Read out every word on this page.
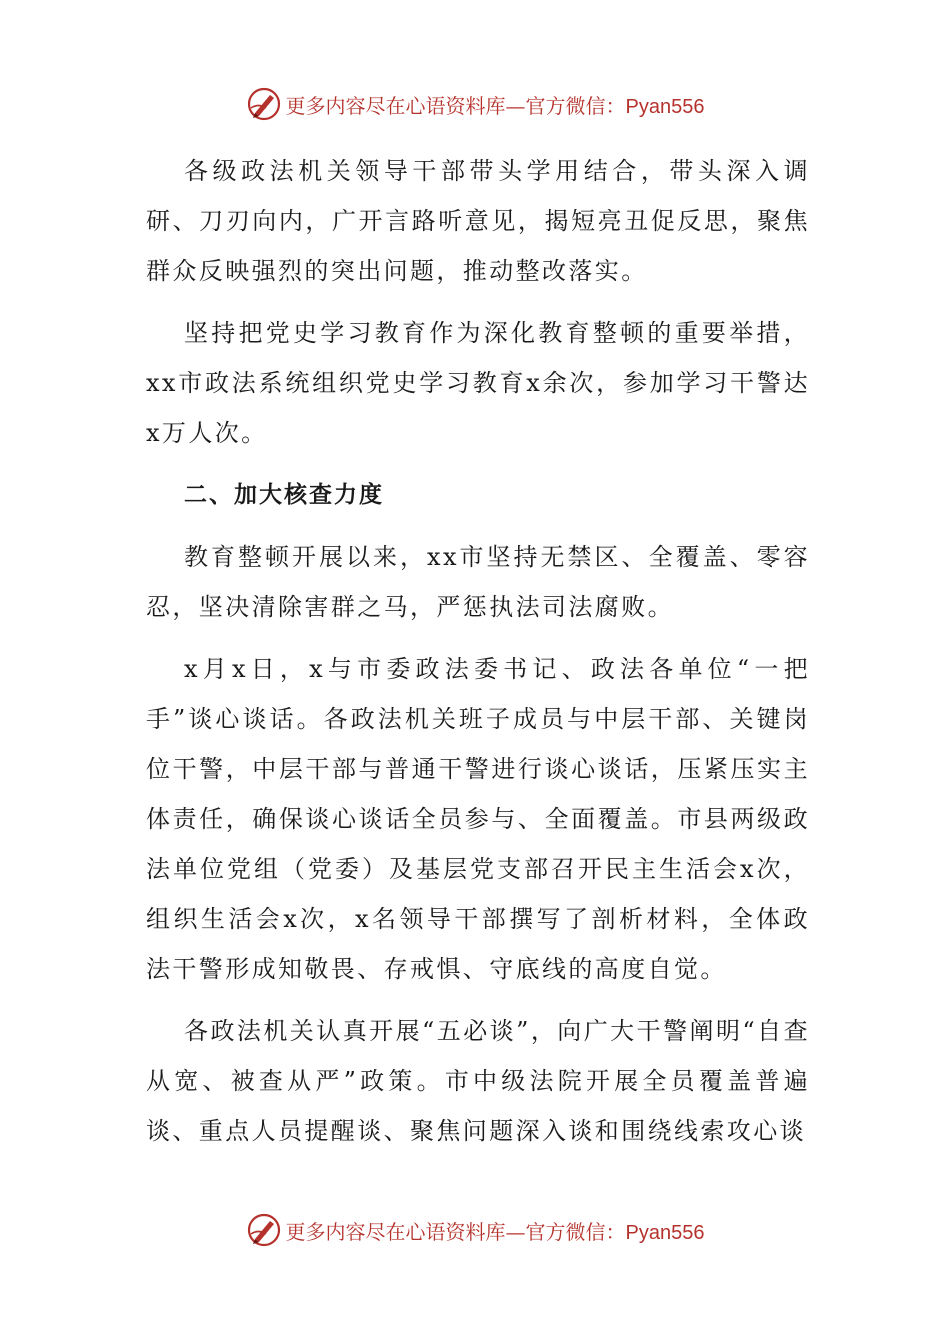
更多内容尽在心语资料库—官方微信：Pyan556

各级政法机关领导干部带头学用结合，带头深入调研、刀刃向内，广开言路听意见，揭短亮丑促反思，聚焦群众反映强烈的突出问题，推动整改落实。

坚持把党史学习教育作为深化教育整顿的重要举措，xx市政法系统组织党史学习教育x余次，参加学习干警达x万人次。

二、加大核查力度

教育整顿开展以来，xx市坚持无禁区、全覆盖、零容忍，坚决清除害群之马，严惩执法司法腐败。

x月x日，x与市委政法委书记、政法各单位“一把手”谈心谈话。各政法机关班子成员与中层干部、关键岗位干警，中层干部与普通干警进行谈心谈话，压紧压实主体责任，确保谈心谈话全员参与、全面覆盖。市县两级政法单位党组（党委）及基层党支部召开民主生活会x次，组织生活会x次，x名领导干部撰写了剖析材料，全体政法干警形成知敬畏、存戒惧、守底线的高度自觉。

各政法机关认真开展“五必谈”，向广大干警阐明“自查从宽、被查从严”政策。市中级法院开展全员覆盖普遍谈、重点人员提醒谈、聚焦问题深入谈和围绕线索攻心谈

更多内容尽在心语资料库—官方微信：Pyan556
